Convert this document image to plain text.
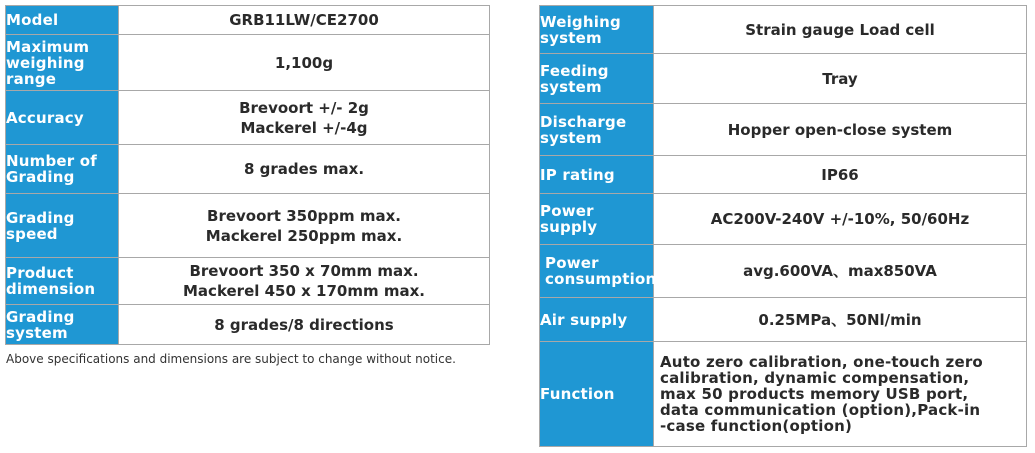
Model	GRB11LW/CE2700

Maximum weighing range	1,100g

Accuracy	Brevoort +/- 2g
Mackerel +/-4g

Number of Grading	8 grades max.

Grading speed	Brevoort 350ppm max.
Mackerel 250ppm max.

Product dimension	Brevoort 350 x 70mm max.
Mackerel 450 x 170mm max.

Grading system	8 grades/8 directions
Above specifications and dimensions are subject to change without notice.
Weighing system	Strain gauge Load cell

Feeding system	Tray

Discharge system	Hopper open-close system

IP rating	IP66

Power supply	AC200V-240V +/-10%, 50/60Hz

Power consumption	avg.600VA、max850VA

Air supply	0.25MPa、50Nl/min

Function	Auto zero calibration, one-touch zero
calibration, dynamic compensation,
max 50 products memory USB port,
data communication (option),Pack-in
-case function(option)
